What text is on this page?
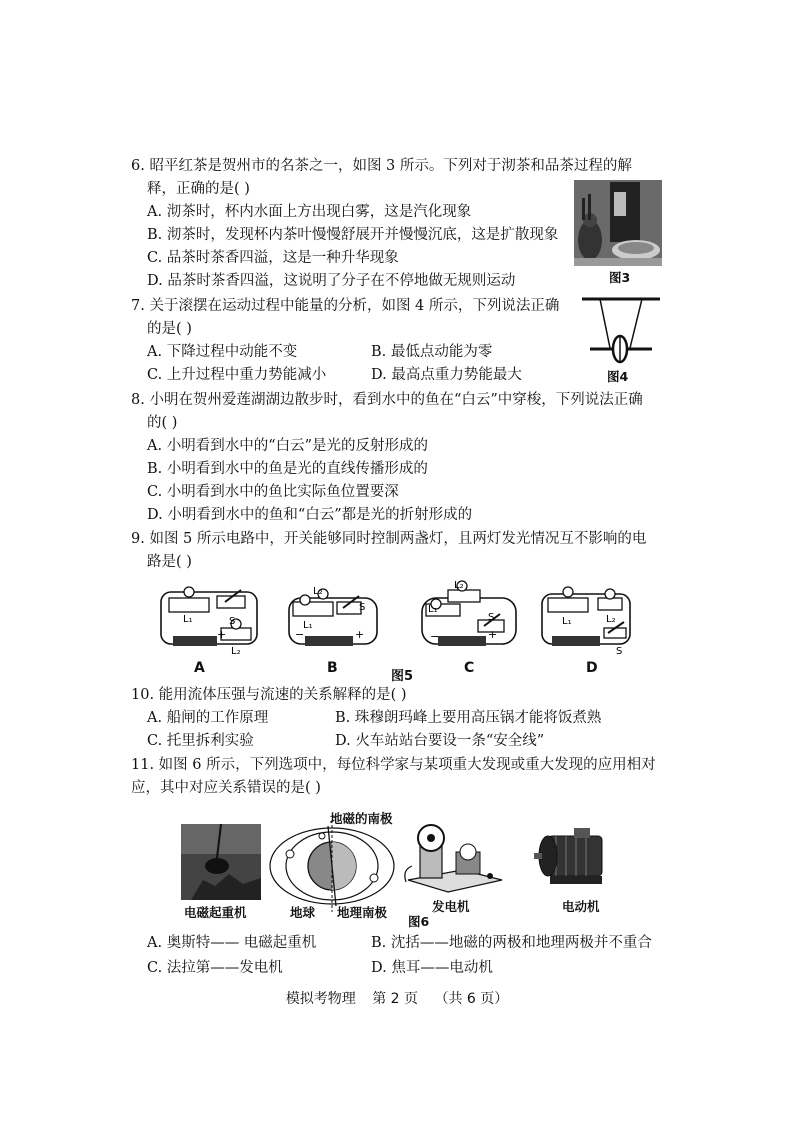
6. 昭平红茶是贺州市的名茶之一，如图 3 所示。下列对于沏茶和品茶过程的解
释，正确的是( )
A. 沏茶时，杯内水面上方出现白雾，这是汽化现象
B. 沏茶时，发现杯内茶叶慢慢舒展开并慢慢沉底，这是扩散现象
C. 品茶时茶香四溢，这是一种升华现象
D. 品茶时茶香四溢，这说明了分子在不停地做无规则运动	图3
7. 关于滚摆在运动过程中能量的分析，如图 4 所示，下列说法正确
的是( )
A. 下降过程中动能不变	B. 最低点动能为零
C. 上升过程中重力势能减小	D. 最高点重力势能最大	图4
8. 小明在贺州爱莲湖湖边散步时，看到水中的鱼在“白云”中穿梭，下列说法正确
的( )
A. 小明看到水中的“白云”是光的反射形成的
B. 小明看到水中的鱼是光的直线传播形成的
C. 小明看到水中的鱼比实际鱼位置要深
D. 小明看到水中的鱼和“白云”都是光的折射形成的
9. 如图 5 所示电路中，开关能够同时控制两盏灯，且两灯发光情况互不影响的电
路是( )
L₁	S
L₂
+
A
L₂
L₁
S
−	+
B
L₂
L₁
S
−	+
C
L₁	L₂
S
D
图5
10. 能用流体压强与流速的关系解释的是( )
A. 船闸的工作原理	B. 珠穆朗玛峰上要用高压锅才能将饭煮熟
C. 托里拆利实验	D. 火车站站台要设一条“安全线”
11. 如图 6 所示，下列选项中，每位科学家与某项重大发现或重大发现的应用相对
应，其中对应关系错误的是( )
电磁起重机
地磁的南极
地球 地理南极	发电机
图6
电动机
A. 奥斯特—— 电磁起重机	B. 沈括——地磁的两极和地理两极并不重合
C. 法拉第——发电机	D. 焦耳——电动机
模拟考物理 第 2 页 （共 6 页）
